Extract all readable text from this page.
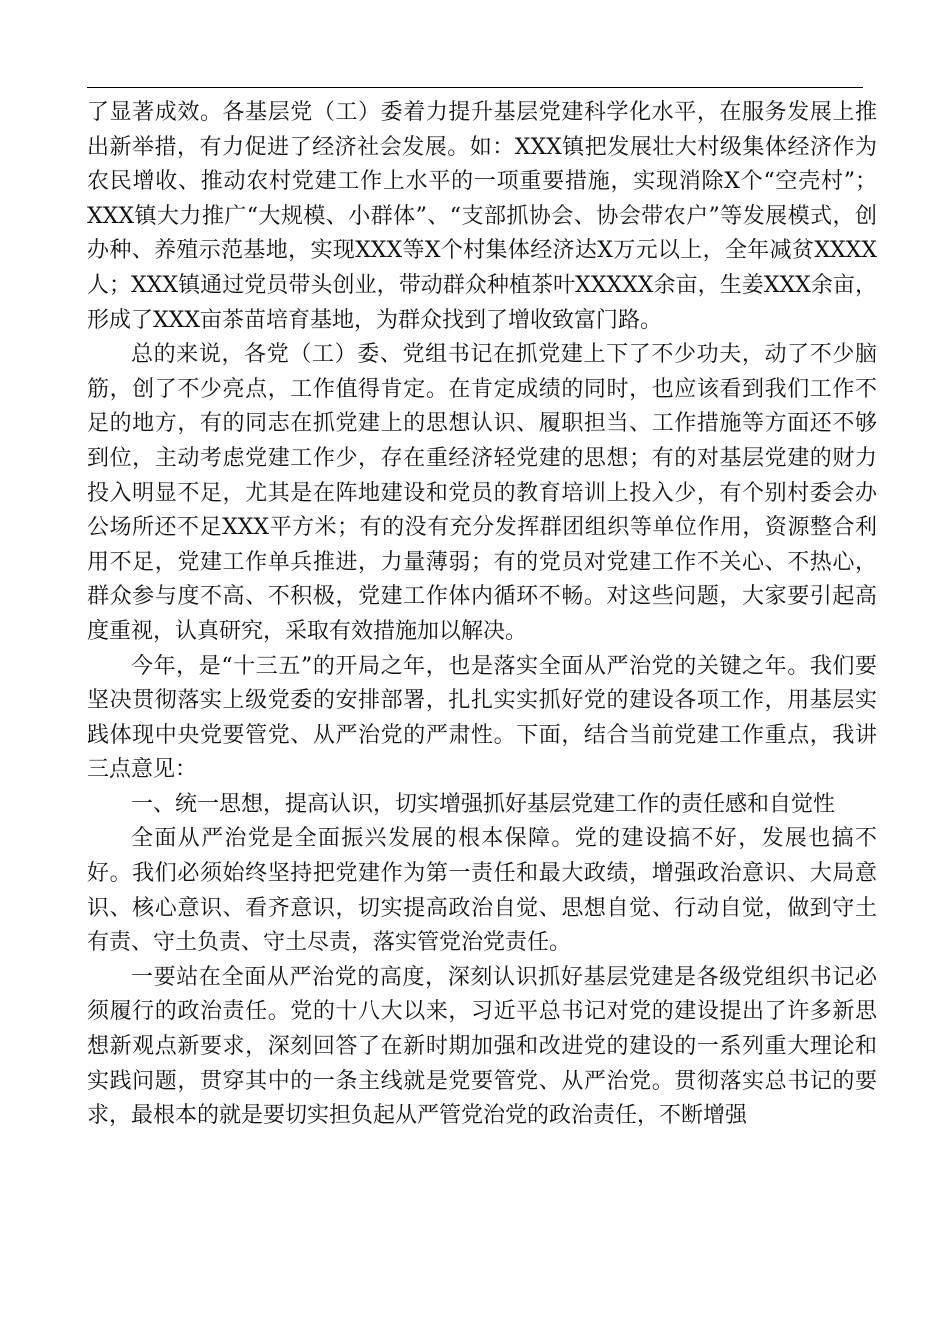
了显著成效。各基层党（工）委着力提升基层党建科学化水平，在服务发展上推出新举措，有力促进了经济社会发展。如：XXX镇把发展壮大村级集体经济作为农民增收、推动农村党建工作上水平的一项重要措施，实现消除X个“空壳村”；XXX镇大力推广“大规模、小群体”、“支部抓协会、协会带农户”等发展模式，创办种、养殖示范基地，实现XXX等X个村集体经济达X万元以上，全年减贫XXXX人；XXX镇通过党员带头创业，带动群众种植茶叶XXXXX余亩，生姜XXX余亩，形成了XXX亩茶苗培育基地，为群众找到了增收致富门路。

总的来说，各党（工）委、党组书记在抓党建上下了不少功夫，动了不少脑筋，创了不少亮点，工作值得肯定。在肯定成绩的同时，也应该看到我们工作不足的地方，有的同志在抓党建上的思想认识、履职担当、工作措施等方面还不够到位，主动考虑党建工作少，存在重经济轻党建的思想；有的对基层党建的财力投入明显不足，尤其是在阵地建设和党员的教育培训上投入少，有个别村委会办公场所还不足XXX平方米；有的没有充分发挥群团组织等单位作用，资源整合利用不足，党建工作单兵推进，力量薄弱；有的党员对党建工作不关心、不热心，群众参与度不高、不积极，党建工作体内循环不畅。对这些问题，大家要引起高度重视，认真研究，采取有效措施加以解决。

今年，是“十三五”的开局之年，也是落实全面从严治党的关键之年。我们要坚决贯彻落实上级党委的安排部署，扎扎实实抓好党的建设各项工作，用基层实践体现中央党要管党、从严治党的严肃性。下面，结合当前党建工作重点，我讲三点意见：

一、统一思想，提高认识，切实增强抓好基层党建工作的责任感和自觉性

全面从严治党是全面振兴发展的根本保障。党的建设搞不好，发展也搞不好。我们必须始终坚持把党建作为第一责任和最大政绩，增强政治意识、大局意识、核心意识、看齐意识，切实提高政治自觉、思想自觉、行动自觉，做到守土有责、守土负责、守土尽责，落实管党治党责任。

一要站在全面从严治党的高度，深刻认识抓好基层党建是各级党组织书记必须履行的政治责任。党的十八大以来，习近平总书记对党的建设提出了许多新思想新观点新要求，深刻回答了在新时期加强和改进党的建设的一系列重大理论和实践问题，贯穿其中的一条主线就是党要管党、从严治党。贯彻落实总书记的要求，最根本的就是要切实担负起从严管党治党的政治责任，不断增强
